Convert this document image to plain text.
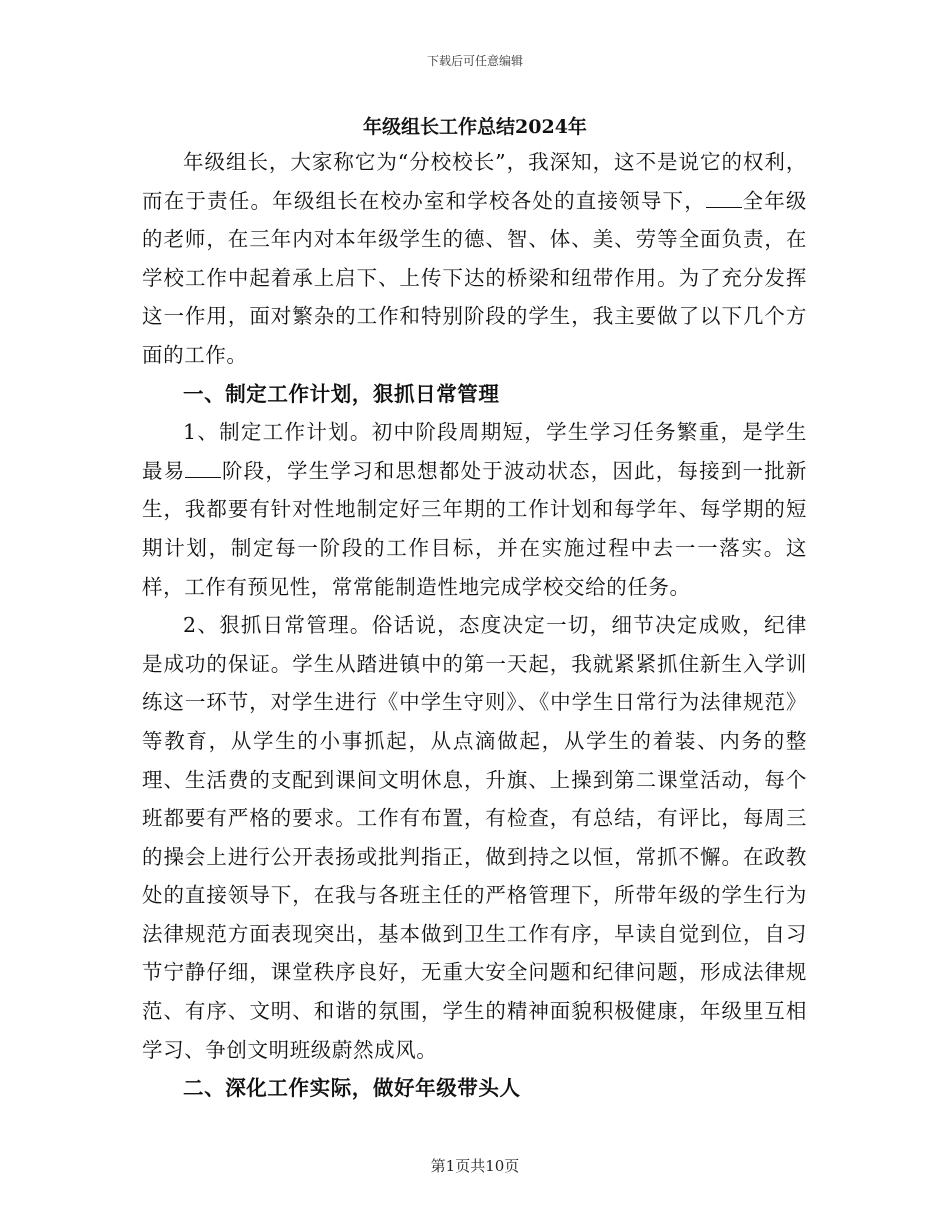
下载后可任意编辑
年级组长工作总结2024年

年级组长，大家称它为“分校校长”，我深知，这不是说它的权利，而在于责任。年级组长在校办室和学校各处的直接领导下， 全年级的老师，在三年内对本年级学生的德、智、体、美、劳等全面负责，在学校工作中起着承上启下、上传下达的桥梁和纽带作用。为了充分发挥这一作用，面对繁杂的工作和特别阶段的学生，我主要做了以下几个方面的工作。

一、制定工作计划，狠抓日常管理

1、制定工作计划。初中阶段周期短，学生学习任务繁重，是学生最易 阶段，学生学习和思想都处于波动状态，因此，每接到一批新生，我都要有针对性地制定好三年期的工作计划和每学年、每学期的短期计划，制定每一阶段的工作目标，并在实施过程中去一一落实。这样，工作有预见性，常常能制造性地完成学校交给的任务。

2、狠抓日常管理。俗话说，态度决定一切，细节决定成败，纪律是成功的保证。学生从踏进镇中的第一天起，我就紧紧抓住新生入学训练这一环节，对学生进行《中学生守则》、《中学生日常行为法律规范》等教育，从学生的小事抓起，从点滴做起，从学生的着装、内务的整理、生活费的支配到课间文明休息，升旗、上操到第二课堂活动，每个班都要有严格的要求。工作有布置，有检查，有总结，有评比，每周三的操会上进行公开表扬或批判指正，做到持之以恒，常抓不懈。在政教处的直接领导下，在我与各班主任的严格管理下，所带年级的学生行为法律规范方面表现突出，基本做到卫生工作有序，早读自觉到位，自习节宁静仔细，课堂秩序良好，无重大安全问题和纪律问题，形成法律规范、有序、文明、和谐的氛围，学生的精神面貌积极健康，年级里互相学习、争创文明班级蔚然成风。

二、深化工作实际，做好年级带头人

第1页共10页
